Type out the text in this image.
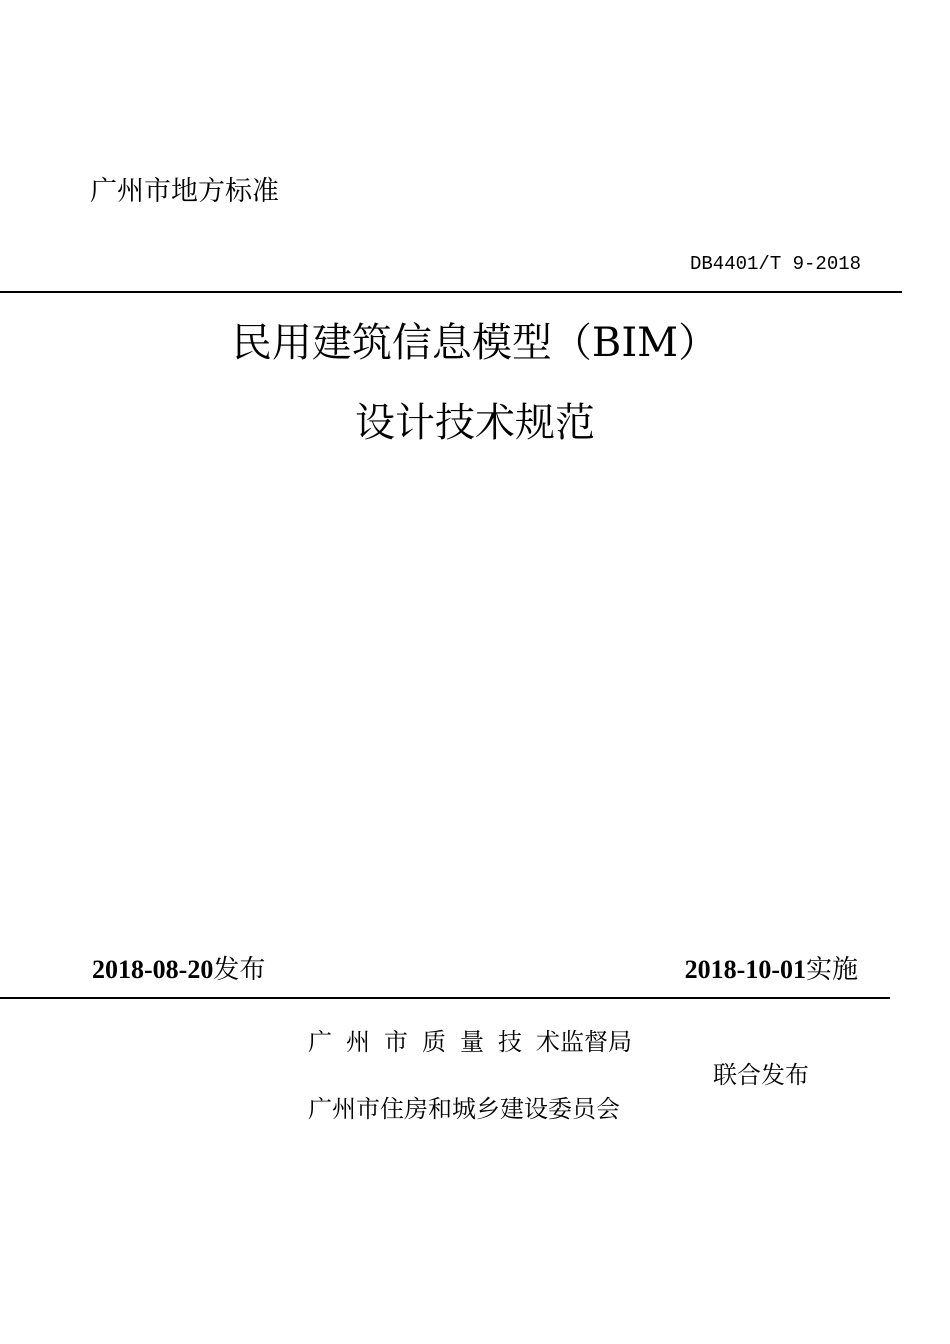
广州市地方标准
DB4401/T 9-2018
民用建筑信息模型（BIM）
设计技术规范
2018-08-20发布	2018-10-01实施
广 州 市 质 量 技 术监督局
联合发布
广州市住房和城乡建设委员会
